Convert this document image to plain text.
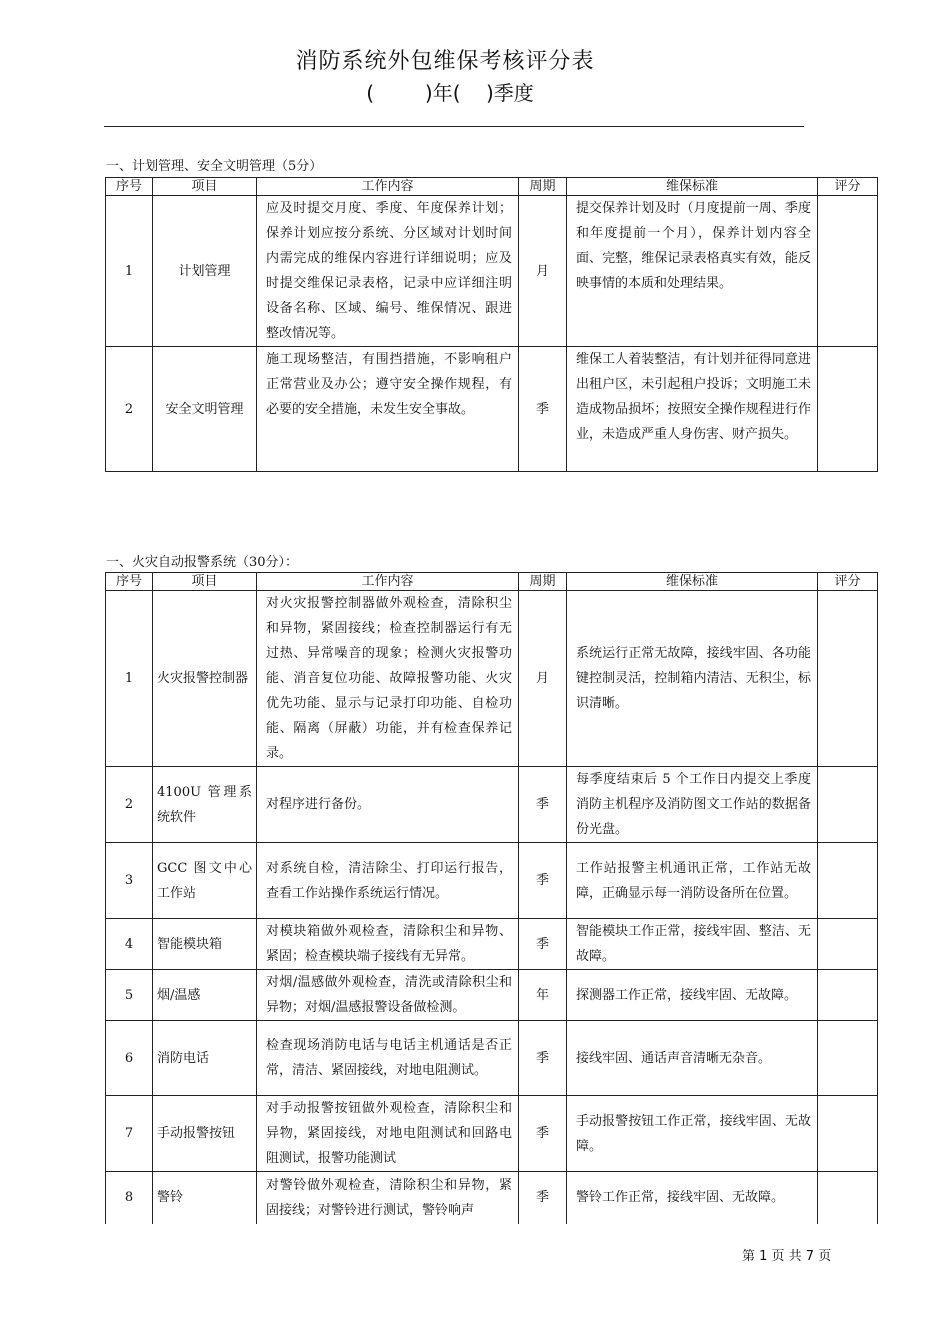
消防系统外包维保考核评分表
(        )年(    )季度
一、计划管理、安全文明管理（5分）
序号	项目	工作内容	周期	维保标准	评分
1	计划管理	应及时提交月度、季度、年度保养计划；保养计划应按分系统、分区域对计划时间内需完成的维保内容进行详细说明；应及时提交维保记录表格，记录中应详细注明设备名称、区域、编号、维保情况、跟进整改情况等。	月	提交保养计划及时（月度提前一周、季度和年度提前一个月），保养计划内容全面、完整，维保记录表格真实有效，能反映事情的本质和处理结果。	
2	安全文明管理	施工现场整洁，有围挡措施，不影响租户正常营业及办公；遵守安全操作规程，有必要的安全措施，未发生安全事故。	季	维保工人着装整洁，有计划并征得同意进出租户区，未引起租户投诉；文明施工未造成物品损坏；按照安全操作规程进行作业，未造成严重人身伤害、财产损失。	
一、火灾自动报警系统（30分）：
序号	项目	工作内容	周期	维保标准	评分
1	火灾报警控制器	对火灾报警控制器做外观检查，清除积尘和异物，紧固接线；检查控制器运行有无过热、异常噪音的现象；检测火灾报警功能、消音复位功能、故障报警功能、火灾优先功能、显示与记录打印功能、自检功能、隔离（屏蔽）功能，并有检查保养记录。	月	系统运行正常无故障，接线牢固、各功能键控制灵活，控制箱内清洁、无积尘，标识清晰。	
2	4100U 管理系统软件	对程序进行备份。	季	每季度结束后 5 个工作日内提交上季度消防主机程序及消防图文工作站的数据备份光盘。	
3	GCC 图文中心工作站	对系统自检，清洁除尘、打印运行报告，查看工作站操作系统运行情况。	季	工作站报警主机通讯正常，工作站无故障，正确显示每一消防设备所在位置。	
4	智能模块箱	对模块箱做外观检查，清除积尘和异物、紧固；检查模块端子接线有无异常。	季	智能模块工作正常，接线牢固、整洁、无故障。	
5	烟/温感	对烟/温感做外观检查，清洗或清除积尘和异物；对烟/温感报警设备做检测。	年	探测器工作正常，接线牢固、无故障。	
6	消防电话	检查现场消防电话与电话主机通话是否正常，清洁、紧固接线，对地电阻测试。	季	接线牢固、通话声音清晰无杂音。	
7	手动报警按钮	对手动报警按钮做外观检查，清除积尘和异物，紧固接线，对地电阻测试和回路电阻测试，报警功能测试	季	手动报警按钮工作正常，接线牢固、无故障。	
8	警铃	对警铃做外观检查，清除积尘和异物，紧固接线；对警铃进行测试，警铃响声	季	警铃工作正常，接线牢固、无故障。	
第 1 页 共 7 页
